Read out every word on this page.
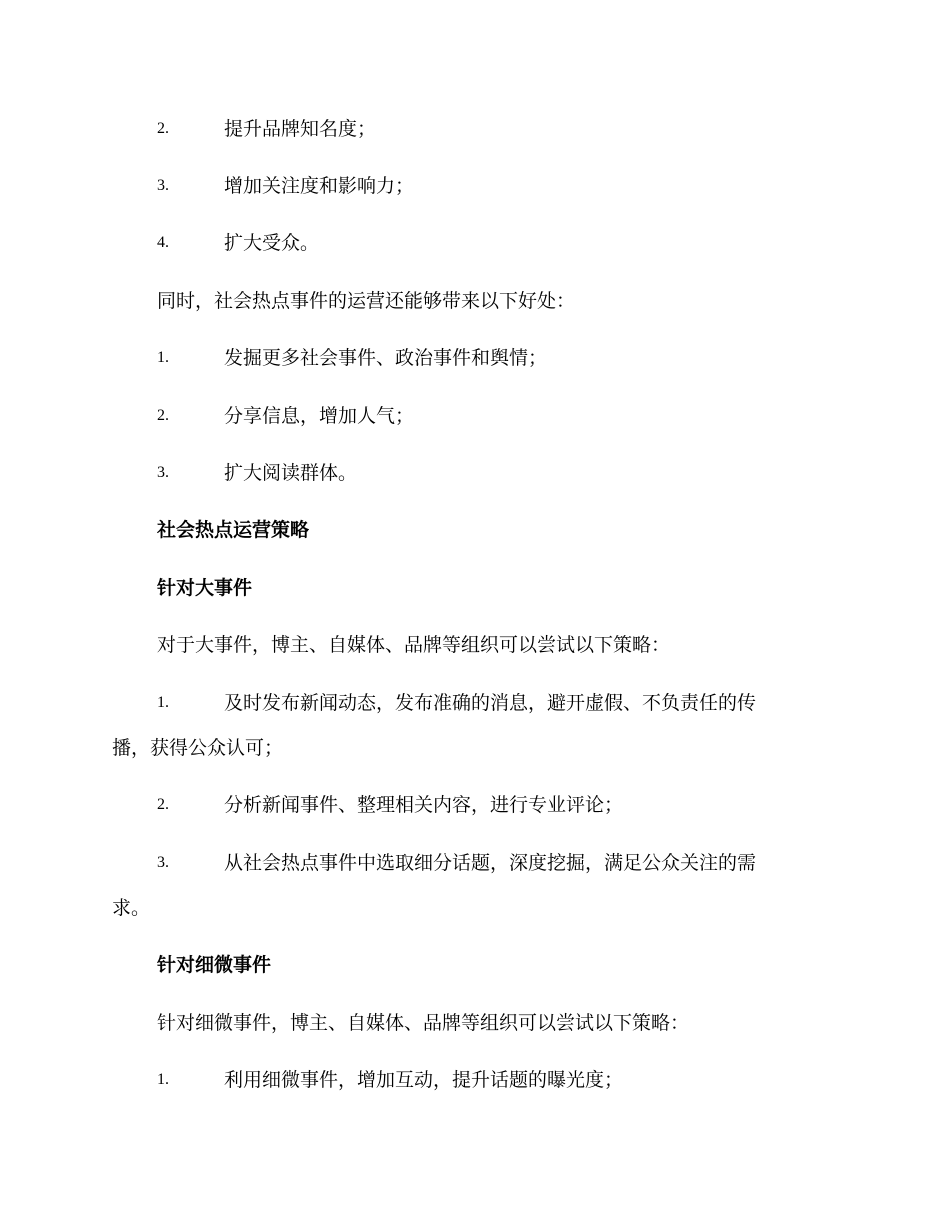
2.	提升品牌知名度；
3.	增加关注度和影响力；
4.	扩大受众。
同时，社会热点事件的运营还能够带来以下好处：
1.	发掘更多社会事件、政治事件和舆情；
2.	分享信息，增加人气；
3.	扩大阅读群体。
社会热点运营策略
针对大事件
对于大事件，博主、自媒体、品牌等组织可以尝试以下策略：
1.	及时发布新闻动态，发布准确的消息，避开虚假、不负责任的传
播，获得公众认可；
2.	分析新闻事件、整理相关内容，进行专业评论；
3.	从社会热点事件中选取细分话题，深度挖掘，满足公众关注的需
求。
针对细微事件
针对细微事件，博主、自媒体、品牌等组织可以尝试以下策略：
1.	利用细微事件，增加互动，提升话题的曝光度；
